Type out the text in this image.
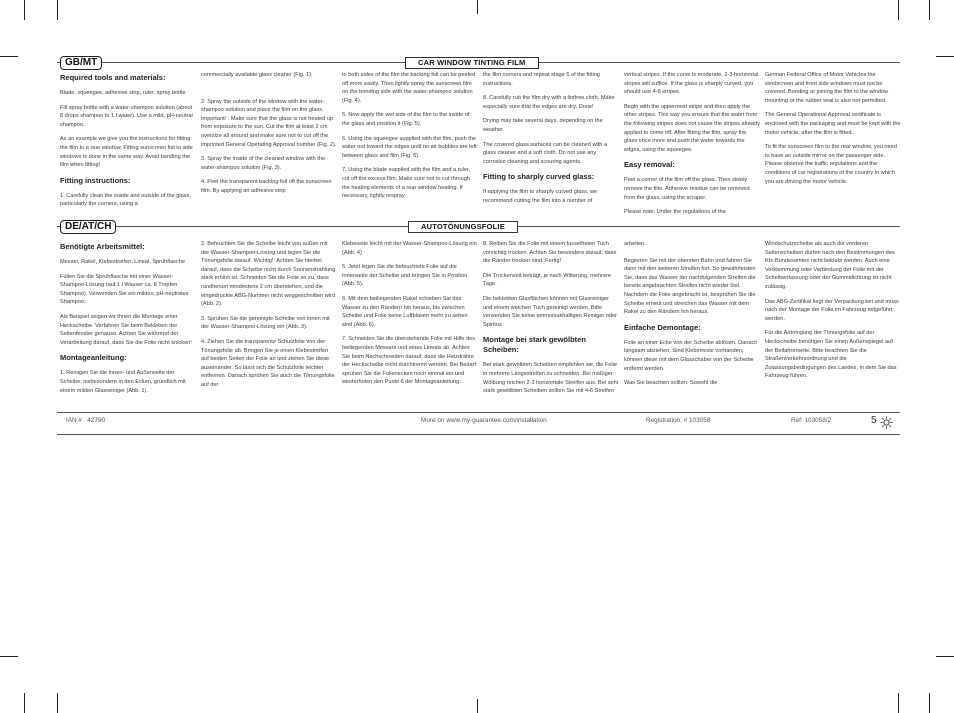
GB/MT	CAR WINDOW TINTING FILM
Required tools and materials:

Blade, squeegee, adhesive strip, ruler, spray bottle

Fill spray bottle with a water-shampoo solution (about 8 drops shampoo to 1 l water). Use a mild, pH-neutral shampoo.

As an example we give you the instructions for fitting the film to a rear window. Fitting sunscreen foil to side windows is done in the same way. Avoid bending the film when fitting!

Fitting instructions:

1. Carefully clean the inside and outside of the glass, particularly the corners, using a

commercially available glass cleaner (Fig. 1).

2. Spray the outside of the window with the water-shampoo solution and place the film on the glass. Important! : Make sure that the glass is not heated up from exposure to the sun. Cut the film at least 2 cm oversize all around and make sure not to cut off the imprinted General Operating Approval number (Fig. 2).

3. Spray the inside of the cleaned window with the water-shampoo solution (Fig. 3).

4. Peel the transparent backing foil off the sunscreen film. By applying an adhesive strip

to both sides of the film the backing foil can be peeled off more easily. Then lightly spray the sunscreen film on the bonding side with the water-shampoo solution (Fig. 4).

5. Now apply the wet side of the film to the inside of the glass and position it (Fig. 5).

6. Using the squeegee supplied with the film, push the water out toward the edges until no air bubbles are left between glass and film (Fig. 6).

7. Using the blade supplied with the film and a ruler, cut off the excess film. Make sure not to cut through the heating elements of a rear window heating. If necessary, lightly respray

the film corners and repeat stage 6 of the fitting instructions.

8. Carefully rub the film dry with a lintfree cloth. Make especially sure that the edges are dry. Done!

Drying may take several days, depending on the weather.

The covered glass surfaces can be cleaned with a glass cleaner and a soft cloth. Do not use any corrosive cleaning and scouring agents.

Fitting to sharply curved glass:

If applying the film to sharply curved glass, we recommend cutting the film into a number of

vertical stripes. If the curve is moderate, 2-3 horizontal stripes will suffice. If the glass is sharply curved, you should use 4-6 stripes.

Begin with the uppermost stripe and then apply the other stripes. This way you ensure that the water from the following stripes does not cause the stripes already applied to come off. After fitting the film, spray the glass once more and push the water towards the edges, using the squeegee.

Easy removal:

Peel a corner of the film off the glass. Then slowly remove the film. Adhesive residue can be removed from the glass, using the scraper.

Please note: Under the regulations of the

German Federal Office of Motor Vehicles the windscreen and front side windows must not be covered. Bonding or joining the film to the window mounting or the rubber seal is also not permitted.

The General Operational Approval certificate is enclosed with the packaging and must be kept with the motor vehicle, after the film is fitted.

To fit the sunscreen film to the rear window, you need to have an outside mirror on the passenger side. Please observe the traffic regulations and the conditions of car registrations of the country in which you are driving the motor vehicle.

DE/AT/CH	AUTOTÖNUNGSFOLIE
Benötigte Arbeitsmittel:

Messer, Rakel, Klebestreifen, Lineal, Sprühflasche

Füllen Sie die Sprühflasche mit einer Wasser-Shampoo-Lösung (auf 1 l Wasser ca. 8 Tropfen Shampoo). Verwenden Sie ein mildes, pH-neutrales Shampoo.

Als Beispiel zeigen wir Ihnen die Montage einer Heckscheibe. Verfahren Sie beim Bekleben der Seitenfenster genauso. Achten Sie während der Verarbeitung darauf, dass Sie die Folie nicht knicken!

Montageanleitung:

1. Reinigen Sie die Innen- und Außenseite der Scheibe, insbesondere in den Ecken, gründlich mit einem milden Glasreiniger (Abb. 1).

2. Befeuchten Sie die Scheibe leicht von außen mit der Wasser-Shampoo-Lösung und legen Sie die Tönungsfolie darauf. Wichtig!: Achten Sie hierbei darauf, dass die Scheibe nicht durch Sonnenstrahlung stark erhitzt ist. Schneiden Sie die Folie so zu, dass rundherum mindestens 2 cm überstehen, und die eingedruckte ABG-Nummer nicht weggeschnitten wird (Abb. 2).

3. Sprühen Sie die gereinigte Scheibe von innen mit der Wasser-Shampoo-Lösung ein (Abb. 3).

4. Ziehen Sie die transparente Schutzfolie von der Tönungsfolie ab. Bringen Sie je einen Klebestreifen auf beiden Seiten der Folie an und ziehen Sie diese auseinander. So lässt sich die Schutzfolie leichter entfernen. Danach sprühen Sie auch die Tönungsfolie auf der

Klebeseite leicht mit der Wasser-Shampoo-Lösung ein (Abb. 4)

5. Jetzt legen Sie die befeuchtete Folie auf die Innenseite der Scheibe und bringen Sie in Position (Abb. 5).

6. Mit dem beiliegenden Rakel schieben Sie das Wasser zu den Rändern hin heraus, bis zwischen Scheibe und Folie keine Luftblasen mehr zu sehen sind (Abb. 6).

7. Schneiden Sie die überstehende Folie mit Hilfe des beiliegenden Messers und eines Lineals ab. Achten Sie beim Nachschneiden darauf, dass die Heizdrähte der Heckscheibe nicht durchtrennt werden. Bei Bedarf sprühen Sie die Folienecken noch einmal ein und wiederholen den Punkt 6 der Montageanleitung.

8. Reiben Sie die Folie mit einem fusselfreien Tuch vorsichtig trocken. Achten Sie besonders darauf, dass die Ränder trocken sind. Fertig!

Die Trockenzeit beträgt, je nach Witterung, mehrere Tage.

Die beklebten Glasflächen können mit Glasreiniger und einem weichen Tuch gereinigt werden. Bitte verwenden Sie keine ammoniakhaltigen Reiniger oder Spiritus

Montage bei stark gewölbten Scheiben:

Bei stark gewölbten Scheiben empfehlen wir, die Folie in mehrere Längsstreifen zu schneiden. Bei mäßiger Wölbung reichen 2-3 horizontale Streifen aus. Bei sehr stark gewölbten Scheiben sollten Sie mit 4-6 Streifen

arbeiten.

Beginnen Sie mit der obersten Bahn und fahren Sie dann mit den weiteren Streifen fort. So gewährleisten Sie, dass das Wasser der nachfolgenden Streifen die bereits angebrachten Streifen nicht wieder löst. Nachdem die Folie angebracht ist, besprühen Sie die Scheibe erneut und streichen das Wasser mit dem Rakel zu den Rändern hin heraus.

Einfache Demontage:

Folie an einer Ecke von der Scheibe ablösen. Danach langsam abziehen. Sind Kleberreste vorhanden, können diese mit dem Glasschaber von der Scheibe entfernt werden.

Was Sie beachten sollten: Sowohl die

Windschutzscheibe als auch die vorderen Seitenscheiben dürfen nach den Bestimmungen des Kfz-Bundesamtes nicht beklebt werden. Auch eine Verklemmung oder Verbindung der Folie mit der Scheibenfassung oder der Gummidichtung ist nicht zulässig.

Das ABG-Zertifikat liegt der Verpackung bei und muss nach der Montage der Folie im Fahrzeug mitgeführt werden.

Für die Anbringung der Tönungsfolie auf der Heckscheibe benötigen Sie einen Außenspiegel auf der Beifahrerseite. Bitte beachten Sie die Straßenverkehrsordnung und die Zulassungsbedingungen des Landes, in dem Sie das Fahrzeug führen.

IAN #   42790	More on www.my-guarantee.com/installation	Registration: # 103058	Ref: 103058/2	5
